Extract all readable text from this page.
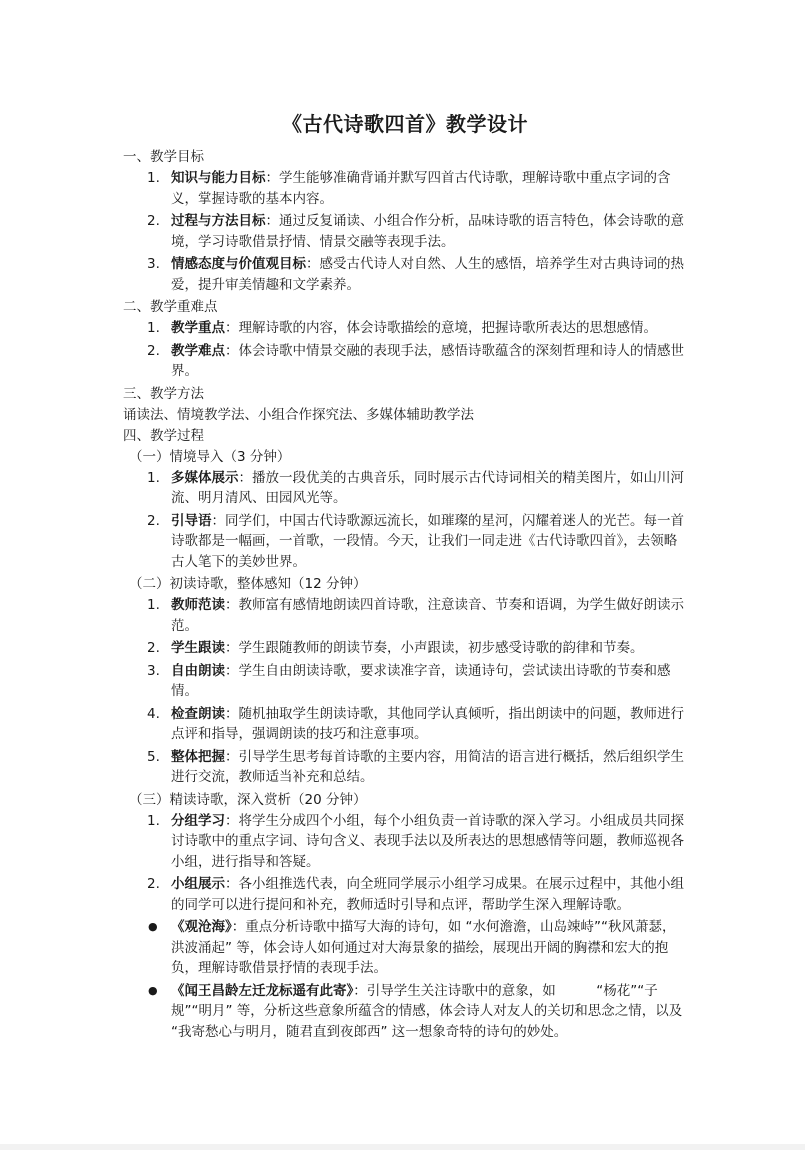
《古代诗歌四首》教学设计

一、教学目标

1. 知识与能力目标：学生能够准确背诵并默写四首古代诗歌，理解诗歌中重点字词的含义，掌握诗歌的基本内容。
2. 过程与方法目标：通过反复诵读、小组合作分析，品味诗歌的语言特色，体会诗歌的意境，学习诗歌借景抒情、情景交融等表现手法。
3. 情感态度与价值观目标：感受古代诗人对自然、人生的感悟，培养学生对古典诗词的热爱，提升审美情趣和文学素养。

二、教学重难点

1. 教学重点：理解诗歌的内容，体会诗歌描绘的意境，把握诗歌所表达的思想感情。
2. 教学难点：体会诗歌中情景交融的表现手法，感悟诗歌蕴含的深刻哲理和诗人的情感世界。

三、教学方法

诵读法、情境教学法、小组合作探究法、多媒体辅助教学法

四、教学过程

（一）情境导入（3 分钟）

1. 多媒体展示：播放一段优美的古典音乐，同时展示古代诗词相关的精美图片，如山川河流、明月清风、田园风光等。
2. 引导语：同学们，中国古代诗歌源远流长，如璀璨的星河，闪耀着迷人的光芒。每一首诗歌都是一幅画，一首歌，一段情。今天，让我们一同走进《古代诗歌四首》，去领略古人笔下的美妙世界。

（二）初读诗歌，整体感知（12 分钟）

1. 教师范读：教师富有感情地朗读四首诗歌，注意读音、节奏和语调，为学生做好朗读示范。
2. 学生跟读：学生跟随教师的朗读节奏，小声跟读，初步感受诗歌的韵律和节奏。
3. 自由朗读：学生自由朗读诗歌，要求读准字音，读通诗句，尝试读出诗歌的节奏和感情。
4. 检查朗读：随机抽取学生朗读诗歌，其他同学认真倾听，指出朗读中的问题，教师进行点评和指导，强调朗读的技巧和注意事项。
5. 整体把握：引导学生思考每首诗歌的主要内容，用简洁的语言进行概括，然后组织学生进行交流，教师适当补充和总结。

（三）精读诗歌，深入赏析（20 分钟）

1. 分组学习：将学生分成四个小组，每个小组负责一首诗歌的深入学习。小组成员共同探讨诗歌中的重点字词、诗句含义、表现手法以及所表达的思想感情等问题，教师巡视各小组，进行指导和答疑。
2. 小组展示：各小组推选代表，向全班同学展示小组学习成果。在展示过程中，其他小组的同学可以进行提问和补充，教师适时引导和点评，帮助学生深入理解诗歌。
● 《观沧海》：重点分析诗歌中描写大海的诗句，如 “水何澹澹，山岛竦峙”“秋风萧瑟，洪波涌起” 等，体会诗人如何通过对大海景象的描绘，展现出开阔的胸襟和宏大的抱负，理解诗歌借景抒情的表现手法。
● 《闻王昌龄左迁龙标遥有此寄》：引导学生关注诗歌中的意象，如　　　“杨花”“子规”“明月” 等，分析这些意象所蕴含的情感，体会诗人对友人的关切和思念之情，以及 “我寄愁心与明月，随君直到夜郎西” 这一想象奇特的诗句的妙处。
